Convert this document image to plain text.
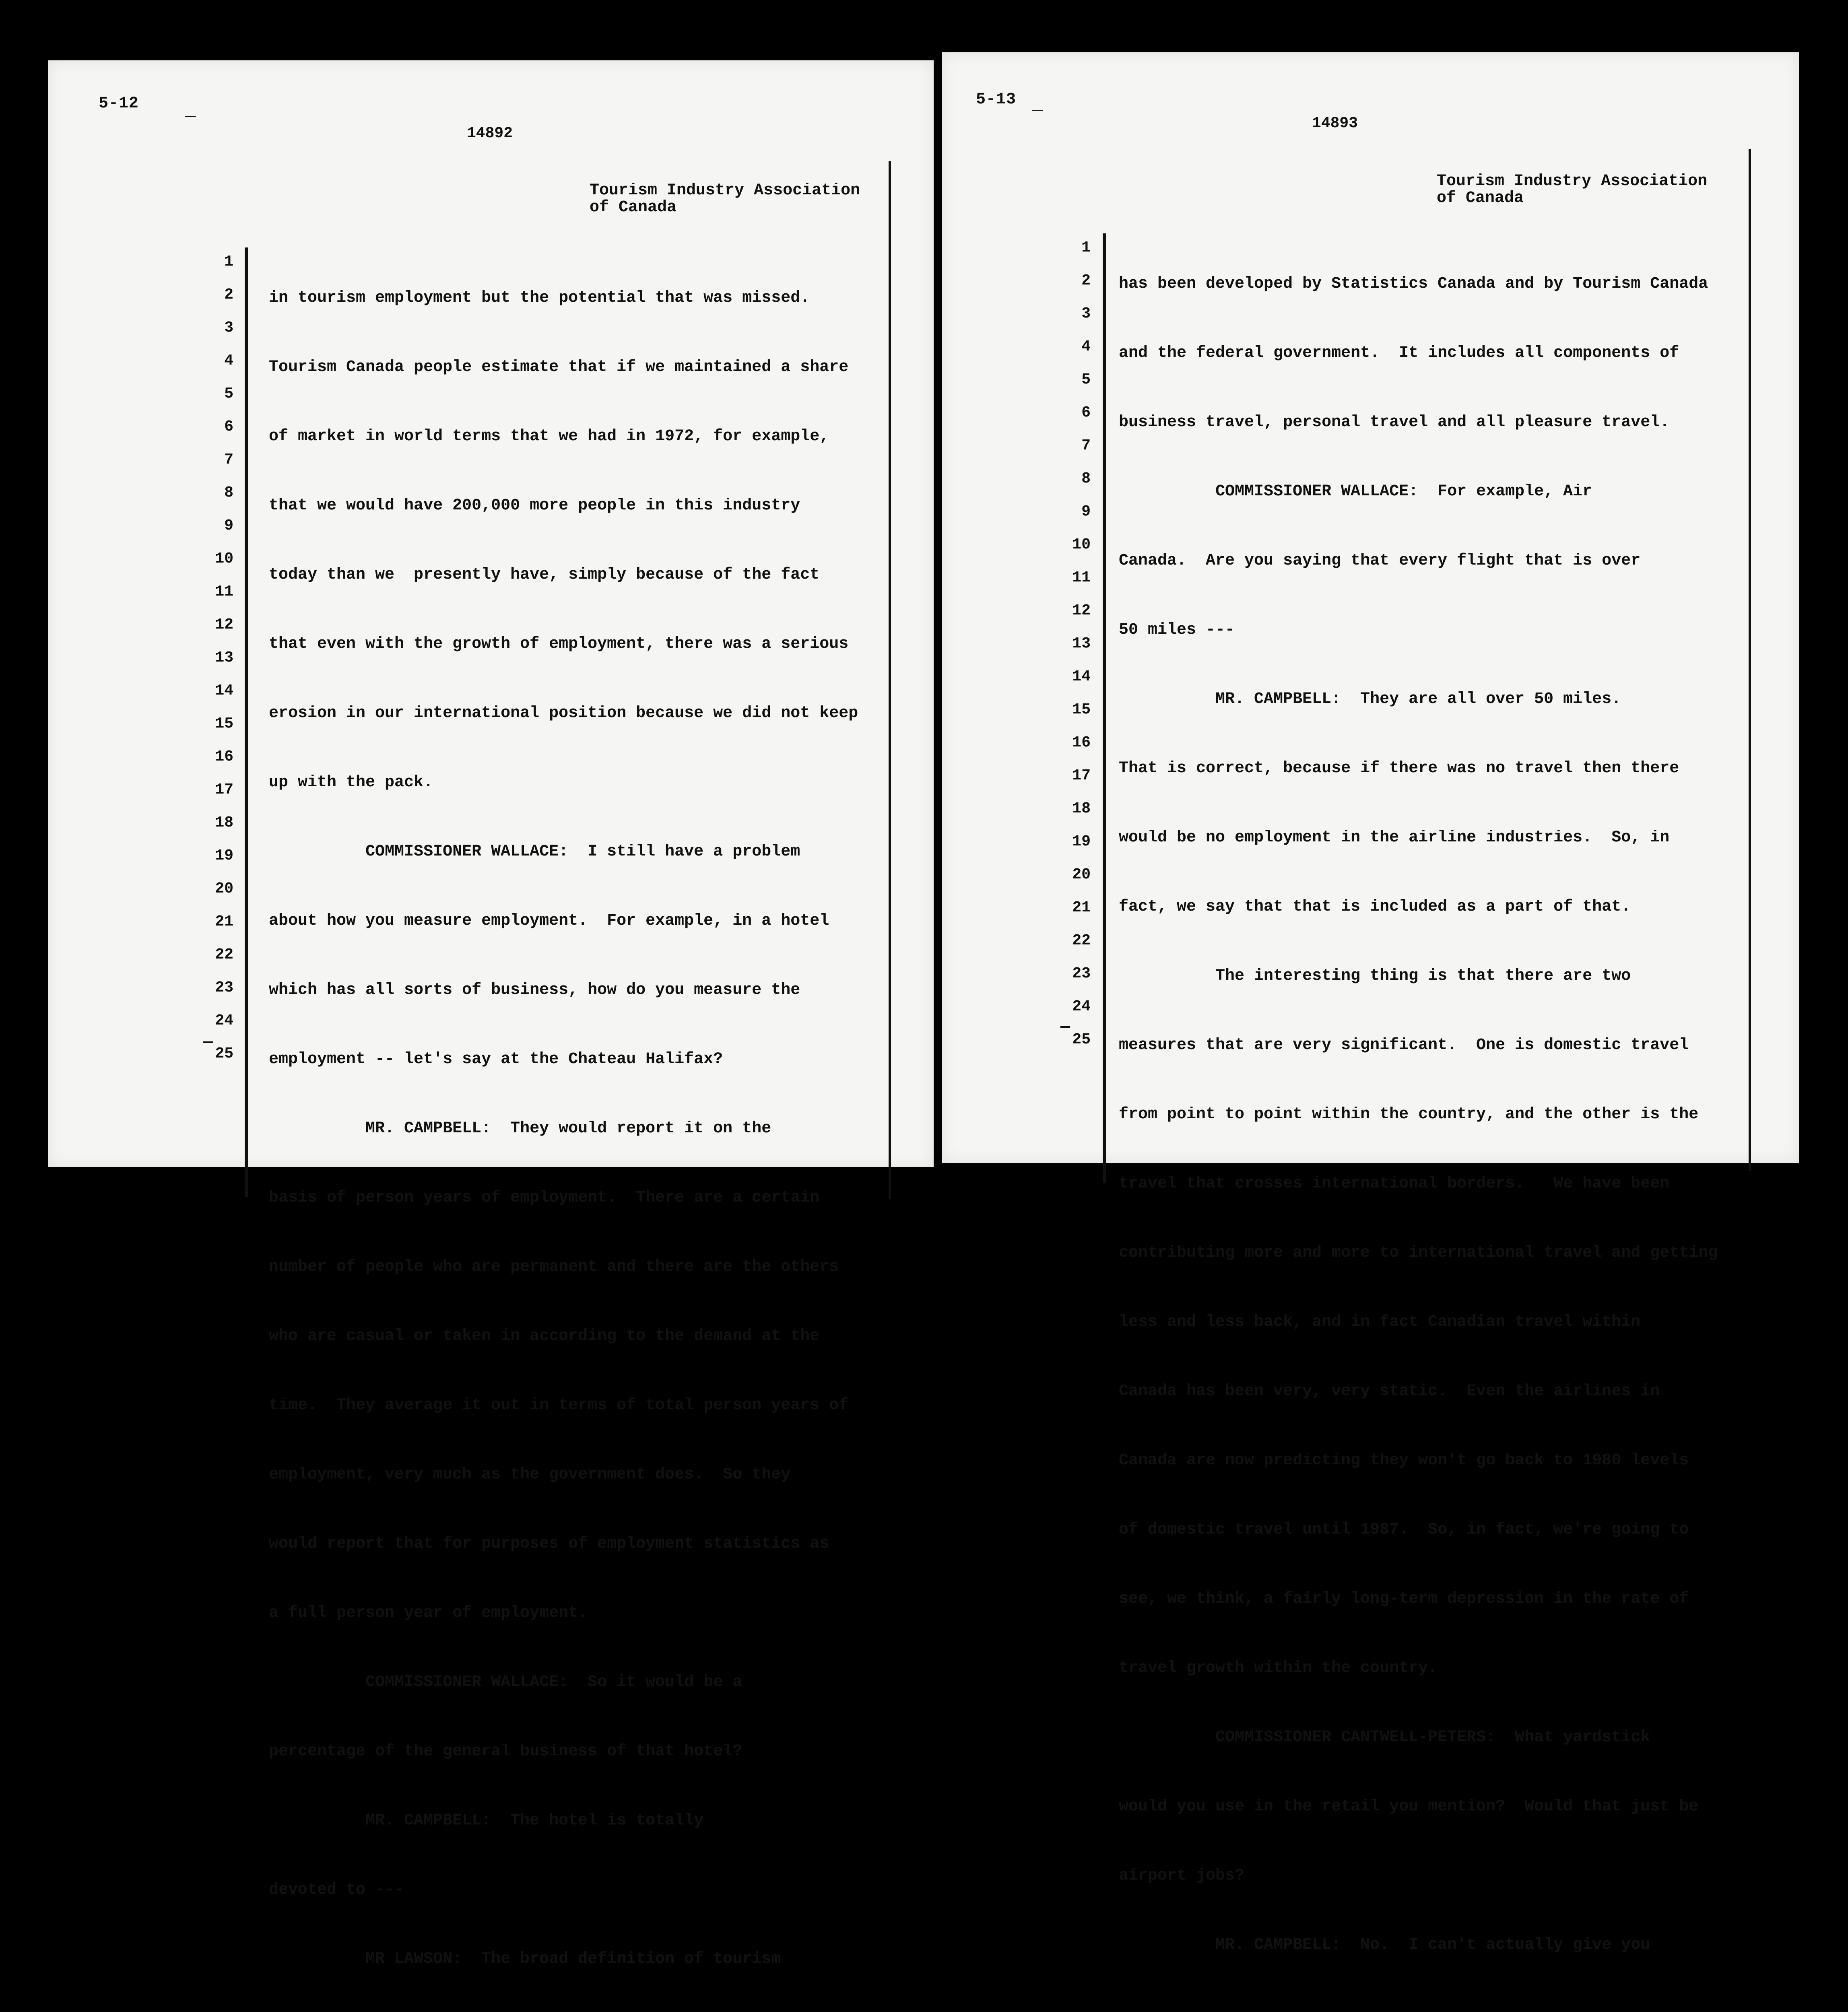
5-12	_
14892
Tourism Industry Association
of Canada
1
2
3
4
5
6
7
8
9
10
11
12
13
14
15
16
17
18
19
20
21
22
23
24
25
—

in tourism employment but the potential that was missed.

Tourism Canada people estimate that if we maintained a share

of market in world terms that we had in 1972, for example,

that we would have 200,000 more people in this industry

today than we  presently have, simply because of the fact

that even with the growth of employment, there was a serious

erosion in our international position because we did not keep

up with the pack.

COMMISSIONER WALLACE:  I still have a problem

about how you measure employment.  For example, in a hotel

which has all sorts of business, how do you measure the

employment -- let's say at the Chateau Halifax?

MR. CAMPBELL:  They would report it on the

basis of person years of employment.  There are a certain

number of people who are permanent and there are the others

who are casual or taken in according to the demand at the

time.  They average it out in terms of total person years of

employment, very much as the government does.  So they

would report that for purposes of employment statistics as

a full person year of employment.

COMMISSIONER WALLACE:  So it would be a

percentage of the general business of that hotel?

MR. CAMPBELL:  The hotel is totally

devoted to ---

MR LAWSON:  The broad definition of tourism

5-13 _
14893
Tourism Industry Association
of Canada
1
2
3
4
5
6
7
8
9
10
11
12
13
14
15
16
17
18
19
20
21
22
23
24
25
—

has been developed by Statistics Canada and by Tourism Canada

and the federal government.  It includes all components of

business travel, personal travel and all pleasure travel.

COMMISSIONER WALLACE:  For example, Air

Canada.  Are you saying that every flight that is over

50 miles ---

MR. CAMPBELL:  They are all over 50 miles.

That is correct, because if there was no travel then there

would be no employment in the airline industries.  So, in

fact, we say that that is included as a part of that.

The interesting thing is that there are two

measures that are very significant.  One is domestic travel

from point to point within the country, and the other is the

travel that crosses international borders.   We have been

contributing more and more to international travel and getting

less and less back, and in fact Canadian travel within

Canada has been very, very static.  Even the airlines in

Canada are now predicting they won't go back to 1980 levels

of domestic travel until 1987.  So, in fact, we're going to

see, we think, a fairly long-term depression in the rate of

travel growth within the country.

COMMISSIONER CANTWELL-PETERS:  What yardstick

would you use in the retail you mention?  Would that just be

airport jobs?

MR. CAMPBELL:  No.  I can't actually give you
